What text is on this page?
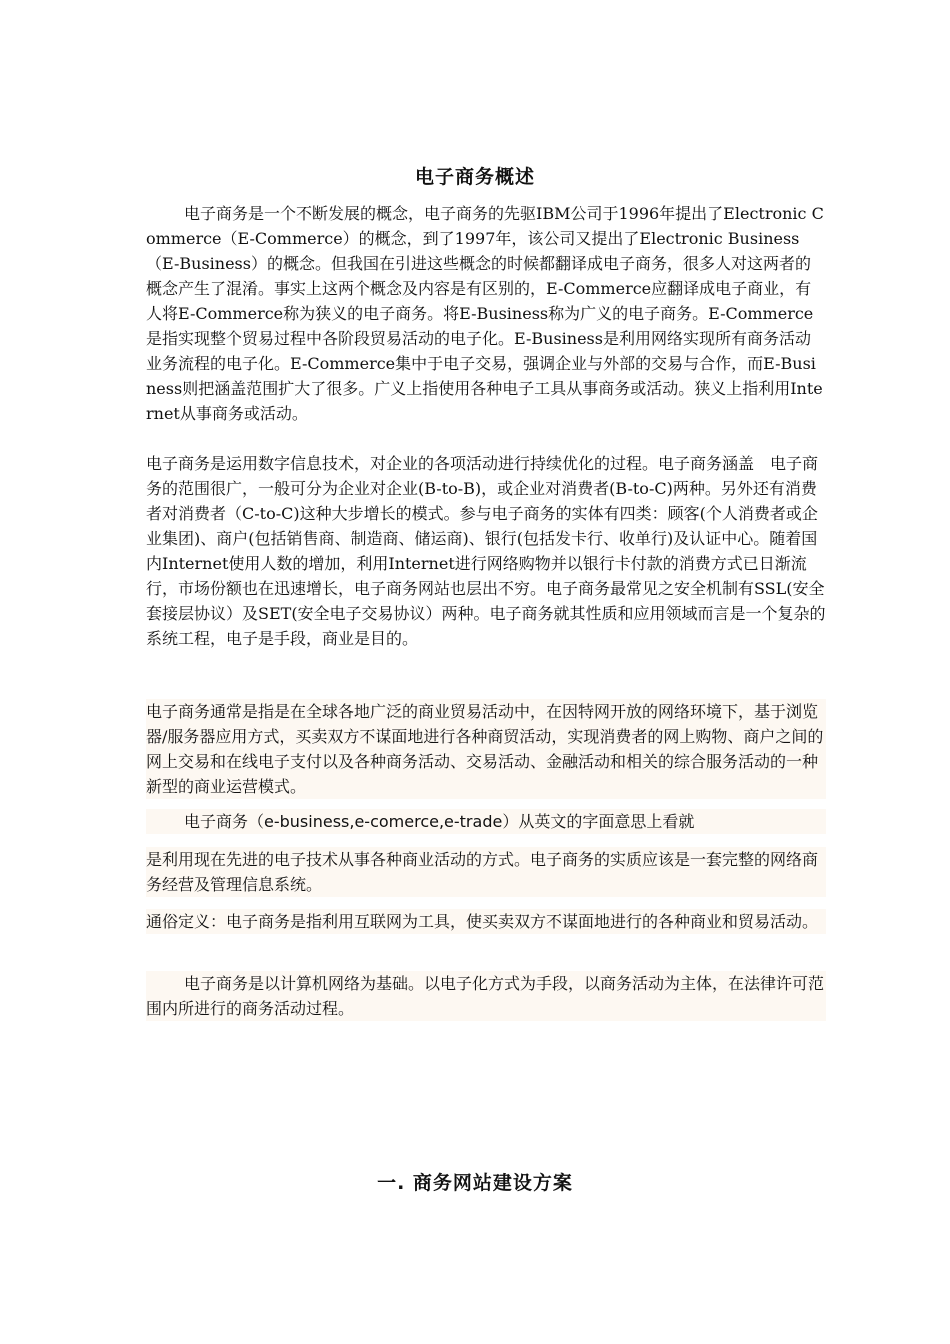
电子商务概述
电子商务是一个不断发展的概念，电子商务的先驱IBM公司于1996年提出了Electronic Commerce（E-Commerce）的概念，到了1997年，该公司又提出了Electronic Business（E-Business）的概念。但我国在引进这些概念的时候都翻译成电子商务，很多人对这两者的概念产生了混淆。事实上这两个概念及内容是有区别的，E-Commerce应翻译成电子商业，有人将E-Commerce称为狭义的电子商务。将E-Business称为广义的电子商务。E-Commerce是指实现整个贸易过程中各阶段贸易活动的电子化。E-Business是利用网络实现所有商务活动业务流程的电子化。E-Commerce集中于电子交易，强调企业与外部的交易与合作，而E-Business则把涵盖范围扩大了很多。广义上指使用各种电子工具从事商务或活动。狭义上指利用Internet从事商务或活动。
电子商务是运用数字信息技术，对企业的各项活动进行持续优化的过程。电子商务涵盖　电子商务的范围很广，一般可分为企业对企业(B-to-B)，或企业对消费者(B-to-C)两种。另外还有消费者对消费者（C-to-C)这种大步增长的模式。参与电子商务的实体有四类：顾客(个人消费者或企业集团)、商户(包括销售商、制造商、储运商)、银行(包括发卡行、收单行)及认证中心。随着国内Internet使用人数的增加，利用Internet进行网络购物并以银行卡付款的消费方式已日渐流行，市场份额也在迅速增长，电子商务网站也层出不穷。电子商务最常见之安全机制有SSL(安全套接层协议）及SET(安全电子交易协议）两种。电子商务就其性质和应用领域而言是一个复杂的系统工程，电子是手段，商业是目的。
电子商务通常是指是在全球各地广泛的商业贸易活动中，在因特网开放的网络环境下，基于浏览器/服务器应用方式，买卖双方不谋面地进行各种商贸活动，实现消费者的网上购物、商户之间的网上交易和在线电子支付以及各种商务活动、交易活动、金融活动和相关的综合服务活动的一种新型的商业运营模式。
电子商务（e-business,e-comerce,e-trade）从英文的字面意思上看就
是利用现在先进的电子技术从事各种商业活动的方式。电子商务的实质应该是一套完整的网络商务经营及管理信息系统。
通俗定义：电子商务是指利用互联网为工具，使买卖双方不谋面地进行的各种商业和贸易活动。
电子商务是以计算机网络为基础。以电子化方式为手段，以商务活动为主体，在法律许可范围内所进行的商务活动过程。
一. 商务网站建设方案
